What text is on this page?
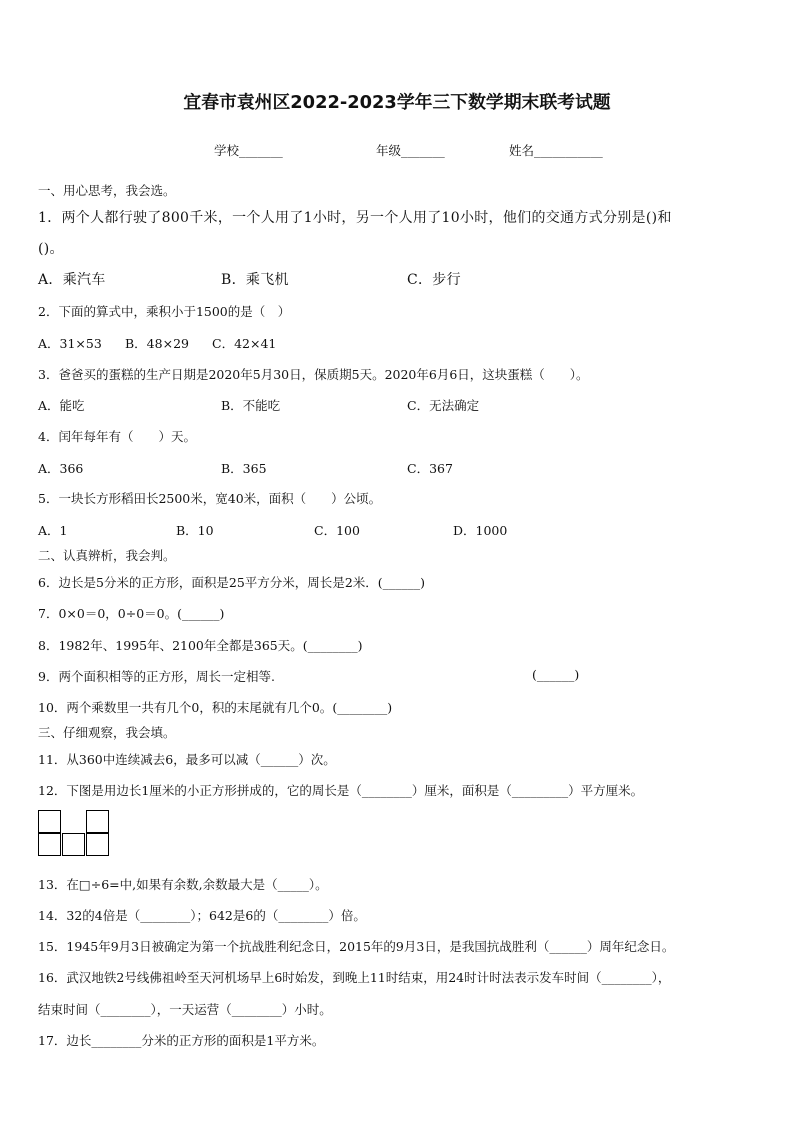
宜春市袁州区2022-2023学年三下数学期末联考试题
学校_______	年级_______	姓名___________
一、用心思考，我会选。
1．两个人都行驶了800千米，一个人用了1小时，另一个人用了10小时，他们的交通方式分别是()和
()。
A．乘汽车	B．乘飞机	C．步行
2．下面的算式中，乘积小于1500的是（　）
A．31×53 B．48×29 C．42×41
3．爸爸买的蛋糕的生产日期是2020年5月30日，保质期5天。2020年6月6日，这块蛋糕（　　）。
A．能吃	B．不能吃	C．无法确定
4．闰年每年有（　　）天。
A．366	B．365	C．367
5．一块长方形稻田长2500米，宽40米，面积（　　）公顷。
A．1	B．10	C．100	D．1000
二、认真辨析，我会判。
6．边长是5分米的正方形，面积是25平方分米，周长是2米．(______)
7．0×0＝0，0÷0＝0。(______)
8．1982年、1995年、2100年全都是365天。(________)
9．两个面积相等的正方形，周长一定相等.	(______)
10．两个乘数里一共有几个0，积的末尾就有几个0。(________)
三、仔细观察，我会填。
11．从360中连续减去6，最多可以减（______）次。
12．下图是用边长1厘米的小正方形拼成的，它的周长是（________）厘米，面积是（_________）平方厘米。
13．在□÷6=中,如果有余数,余数最大是（_____）。
14．32的4倍是（________）；642是6的（________）倍。
15．1945年9月3日被确定为第一个抗战胜利纪念日，2015年的9月3日，是我国抗战胜利（______）周年纪念日。
16．武汉地铁2号线佛祖岭至天河机场早上6时始发，到晚上11时结束，用24时计时法表示发车时间（________），
结束时间（________），一天运营（________）小时。
17．边长________分米的正方形的面积是1平方米。
